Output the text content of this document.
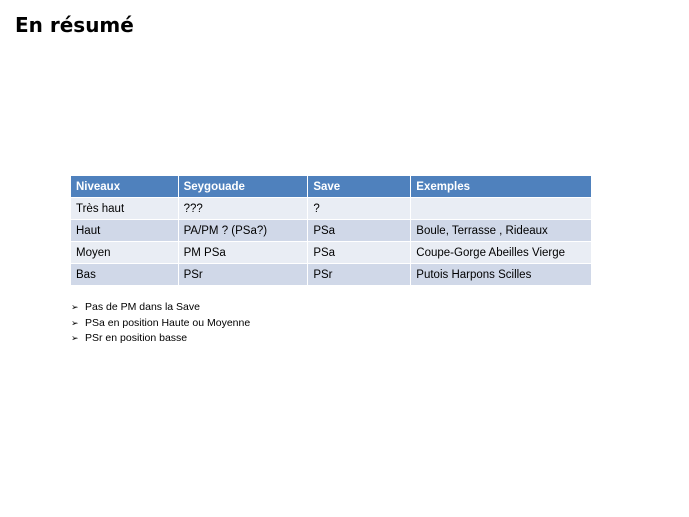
En résumé
Niveaux	Seygouade	Save	Exemples
Très haut	???	?	
Haut	PA/PM ? (PSa?)	PSa	Boule, Terrasse , Rideaux
Moyen	PM PSa	PSa	Coupe-Gorge Abeilles Vierge
Bas	PSr	PSr	Putois Harpons Scilles
➢ Pas de PM dans la Save
➢ PSa en position Haute ou Moyenne
➢ PSr en position basse
